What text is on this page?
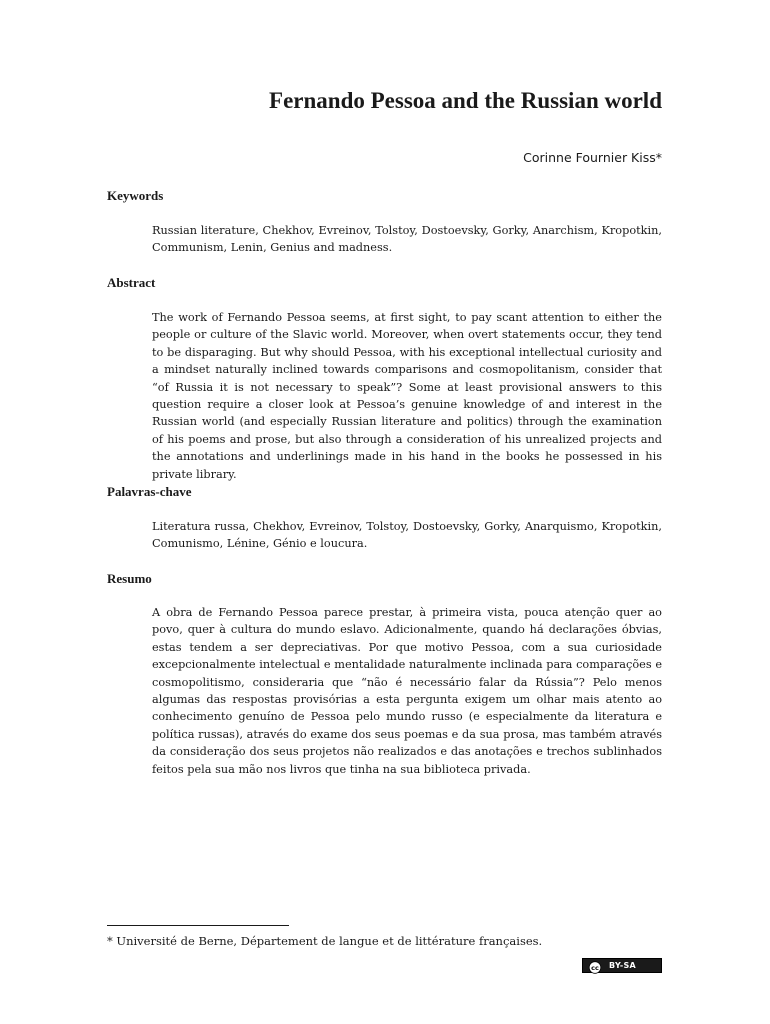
Fernando Pessoa and the Russian world
Corinne Fournier Kiss*
Keywords

Russian literature, Chekhov, Evreinov, Tolstoy, Dostoevsky, Gorky, Anarchism, Kropotkin, Communism, Lenin, Genius and madness.

Abstract

The work of Fernando Pessoa seems, at first sight, to pay scant attention to either the people or culture of the Slavic world. Moreover, when overt statements occur, they tend to be disparaging. But why should Pessoa, with his exceptional intellectual curiosity and a mindset naturally inclined towards comparisons and cosmopolitanism, consider that “of Russia it is not necessary to speak”? Some at least provisional answers to this question require a closer look at Pessoa’s genuine knowledge of and interest in the Russian world (and especially Russian literature and politics) through the examination of his poems and prose, but also through a consideration of his unrealized projects and the annotations and underlinings made in his hand in the books he possessed in his private library.

Palavras-chave

Literatura russa, Chekhov, Evreinov, Tolstoy, Dostoevsky, Gorky, Anarquismo, Kropotkin, Comunismo, Lénine, Génio e loucura.

Resumo

A obra de Fernando Pessoa parece prestar, à primeira vista, pouca atenção quer ao povo, quer à cultura do mundo eslavo. Adicionalmente, quando há declarações óbvias, estas tendem a ser depreciativas. Por que motivo Pessoa, com a sua curiosidade excepcionalmente intelectual e mentalidade naturalmente inclinada para comparações e cosmopolitismo, consideraria que “não é necessário falar da Rússia”? Pelo menos algumas das respostas provisórias a esta pergunta exigem um olhar mais atento ao conhecimento genuíno de Pessoa pelo mundo russo (e especialmente da literatura e política russas), através do exame dos seus poemas e da sua prosa, mas também através da consideração dos seus projetos não realizados e das anotações e trechos sublinhados feitos pela sua mão nos livros que tinha na sua biblioteca privada.

* Université de Berne, Département de langue et de littérature françaises.
cc BY-SA
